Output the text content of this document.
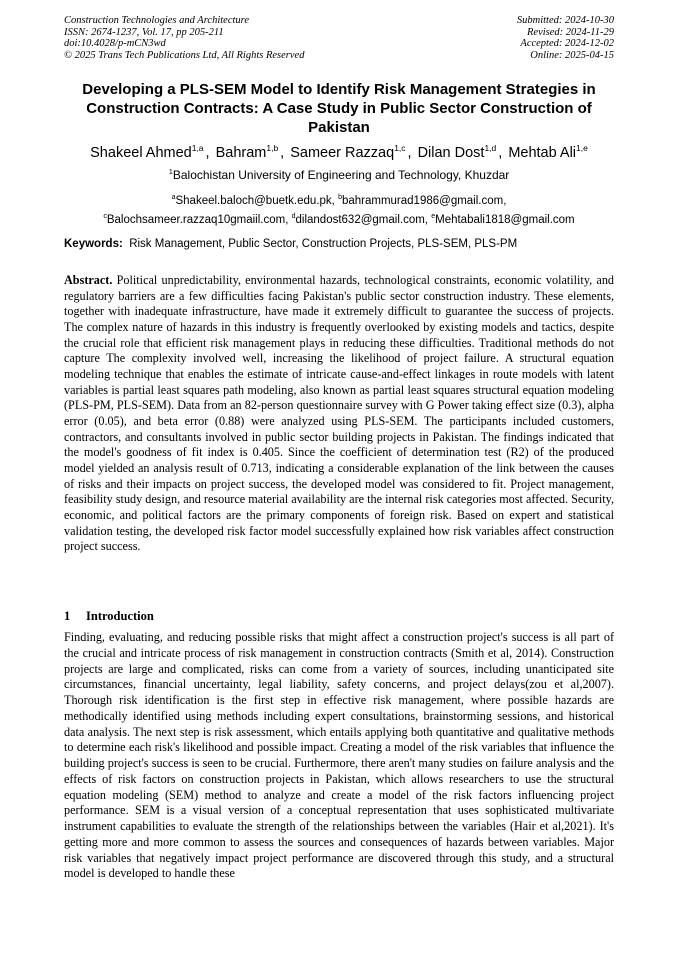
Construction Technologies and Architecture
ISSN: 2674-1237, Vol. 17, pp 205-211
doi:10.4028/p-mCN3wd
© 2025 Trans Tech Publications Ltd, All Rights Reserved
Submitted: 2024-10-30
Revised: 2024-11-29
Accepted: 2024-12-02
Online: 2025-04-15
Developing a PLS-SEM Model to Identify Risk Management Strategies in Construction Contracts: A Case Study in Public Sector Construction of Pakistan
Shakeel Ahmed$^{1,a}$ , Bahram$^{1,b}$ , Sameer Razzaq$^{1,c}$ , Dilan Dost$^{1,d}$ , Mehtab Ali$^{1,e}$
$^1$Balochistan University of Engineering and Technology, Khuzdar
$^a$Shakeel.baloch@buetk.edu.pk, $^b$bahrammurad1986@gmail.com,
$^c$Balochsameer.razzaq10gmaiil.com, $^d$dilandost632@gmail.com, $^e$Mehtabali1818@gmail.com
Keywords: Risk Management, Public Sector, Construction Projects, PLS-SEM, PLS-PM

Abstract. Political unpredictability, environmental hazards, technological constraints, economic volatility, and regulatory barriers are a few difficulties facing Pakistan's public sector construction industry. These elements, together with inadequate infrastructure, have made it extremely difficult to guarantee the success of projects. The complex nature of hazards in this industry is frequently overlooked by existing models and tactics, despite the crucial role that efficient risk management plays in reducing these difficulties. Traditional methods do not capture The complexity involved well, increasing the likelihood of project failure. A structural equation modeling technique that enables the estimate of intricate cause-and-effect linkages in route models with latent variables is partial least squares path modeling, also known as partial least squares structural equation modeling (PLS-PM, PLS-SEM). Data from an 82-person questionnaire survey with G Power taking effect size (0.3), alpha error (0.05), and beta error (0.88) were analyzed using PLS-SEM. The participants included customers, contractors, and consultants involved in public sector building projects in Pakistan. The findings indicated that the model's goodness of fit index is 0.405. Since the coefficient of determination test (R2) of the produced model yielded an analysis result of 0.713, indicating a considerable explanation of the link between the causes of risks and their impacts on project success, the developed model was considered to fit. Project management, feasibility study design, and resource material availability are the internal risk categories most affected. Security, economic, and political factors are the primary components of foreign risk. Based on expert and statistical validation testing, the developed risk factor model successfully explained how risk variables affect construction project success.

1 Introduction

Finding, evaluating, and reducing possible risks that might affect a construction project's success is all part of the crucial and intricate process of risk management in construction contracts (Smith et al, 2014). Construction projects are large and complicated, risks can come from a variety of sources, including unanticipated site circumstances, financial uncertainty, legal liability, safety concerns, and project delays(zou et al,2007). Thorough risk identification is the first step in effective risk management, where possible hazards are methodically identified using methods including expert consultations, brainstorming sessions, and historical data analysis. The next step is risk assessment, which entails applying both quantitative and qualitative methods to determine each risk's likelihood and possible impact. Creating a model of the risk variables that influence the building project's success is seen to be crucial. Furthermore, there aren't many studies on failure analysis and the effects of risk factors on construction projects in Pakistan, which allows researchers to use the structural equation modeling (SEM) method to analyze and create a model of the risk factors influencing project performance. SEM is a visual version of a conceptual representation that uses sophisticated multivariate instrument capabilities to evaluate the strength of the relationships between the variables (Hair et al,2021). It's getting more and more common to assess the sources and consequences of hazards between variables. Major risk variables that negatively impact project performance are discovered through this study, and a structural model is developed to handle these
